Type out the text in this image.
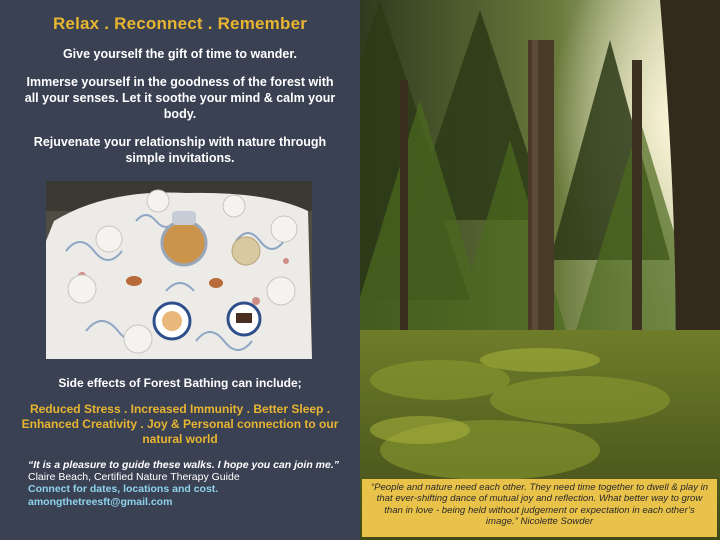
Relax . Reconnect . Remember
Give yourself the gift of time to wander.
Immerse yourself in the goodness of the forest with all your senses. Let it soothe your mind & calm your body.
Rejuvenate your relationship with nature through simple invitations.
Side effects of Forest Bathing can include;
Reduced Stress . Increased Immunity . Better Sleep .
Enhanced Creativity . Joy & Personal connection to our natural world
“It is a pleasure to guide these walks. I hope you can join me.” Claire Beach, Certified Nature Therapy Guide
Connect for dates, locations and cost.
amongthetreesft@gmail.com
“People and nature need each other. They need time together to dwell & play in that ever-shifting dance of mutual joy and reflection. What better way to grow than in love - being held without judgement or expectation in each other’s image.” Nicolette Sowder
